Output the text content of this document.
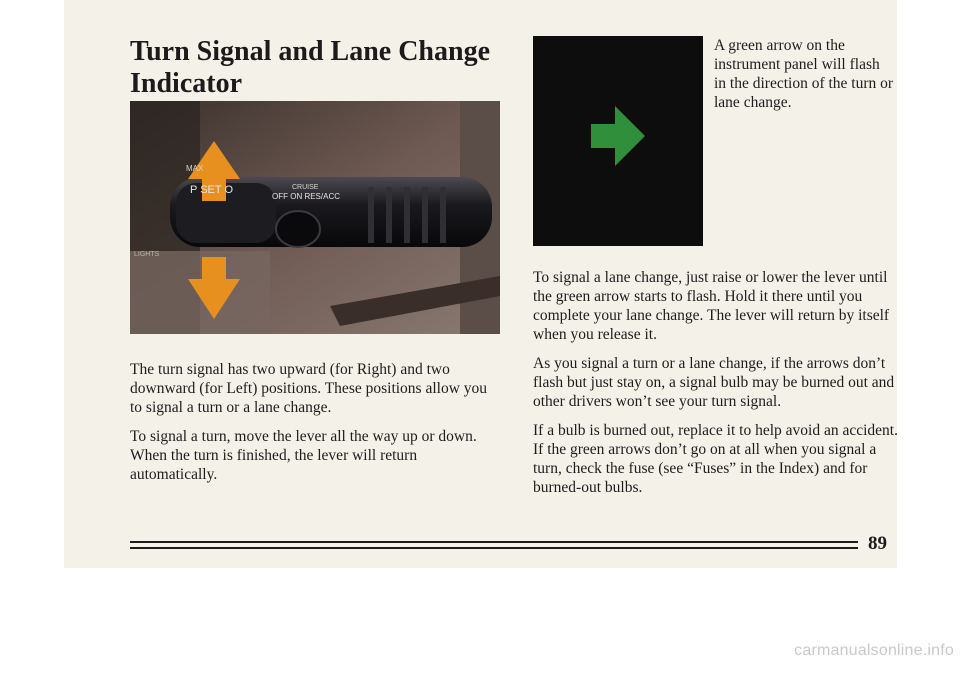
Turn Signal and Lane Change Indicator
MAX
P SET O	CRUISE
OFF ON RES/ACC
LIGHTS

The turn signal has two upward (for Right) and two downward (for Left) positions. These positions allow you to signal a turn or a lane change.

To signal a turn, move the lever all the way up or down. When the turn is finished, the lever will return automatically.

A green arrow on the instrument panel will flash in the direction of the turn or lane change.

To signal a lane change, just raise or lower the lever until the green arrow starts to flash. Hold it there until you complete your lane change. The lever will return by itself when you release it.

As you signal a turn or a lane change, if the arrows don’t flash but just stay on, a signal bulb may be burned out and other drivers won’t see your turn signal.

If a bulb is burned out, replace it to help avoid an accident. If the green arrows don’t go on at all when you signal a turn, check the fuse (see “Fuses” in the Index) and for burned-out bulbs.

89
carmanualsonline.info
